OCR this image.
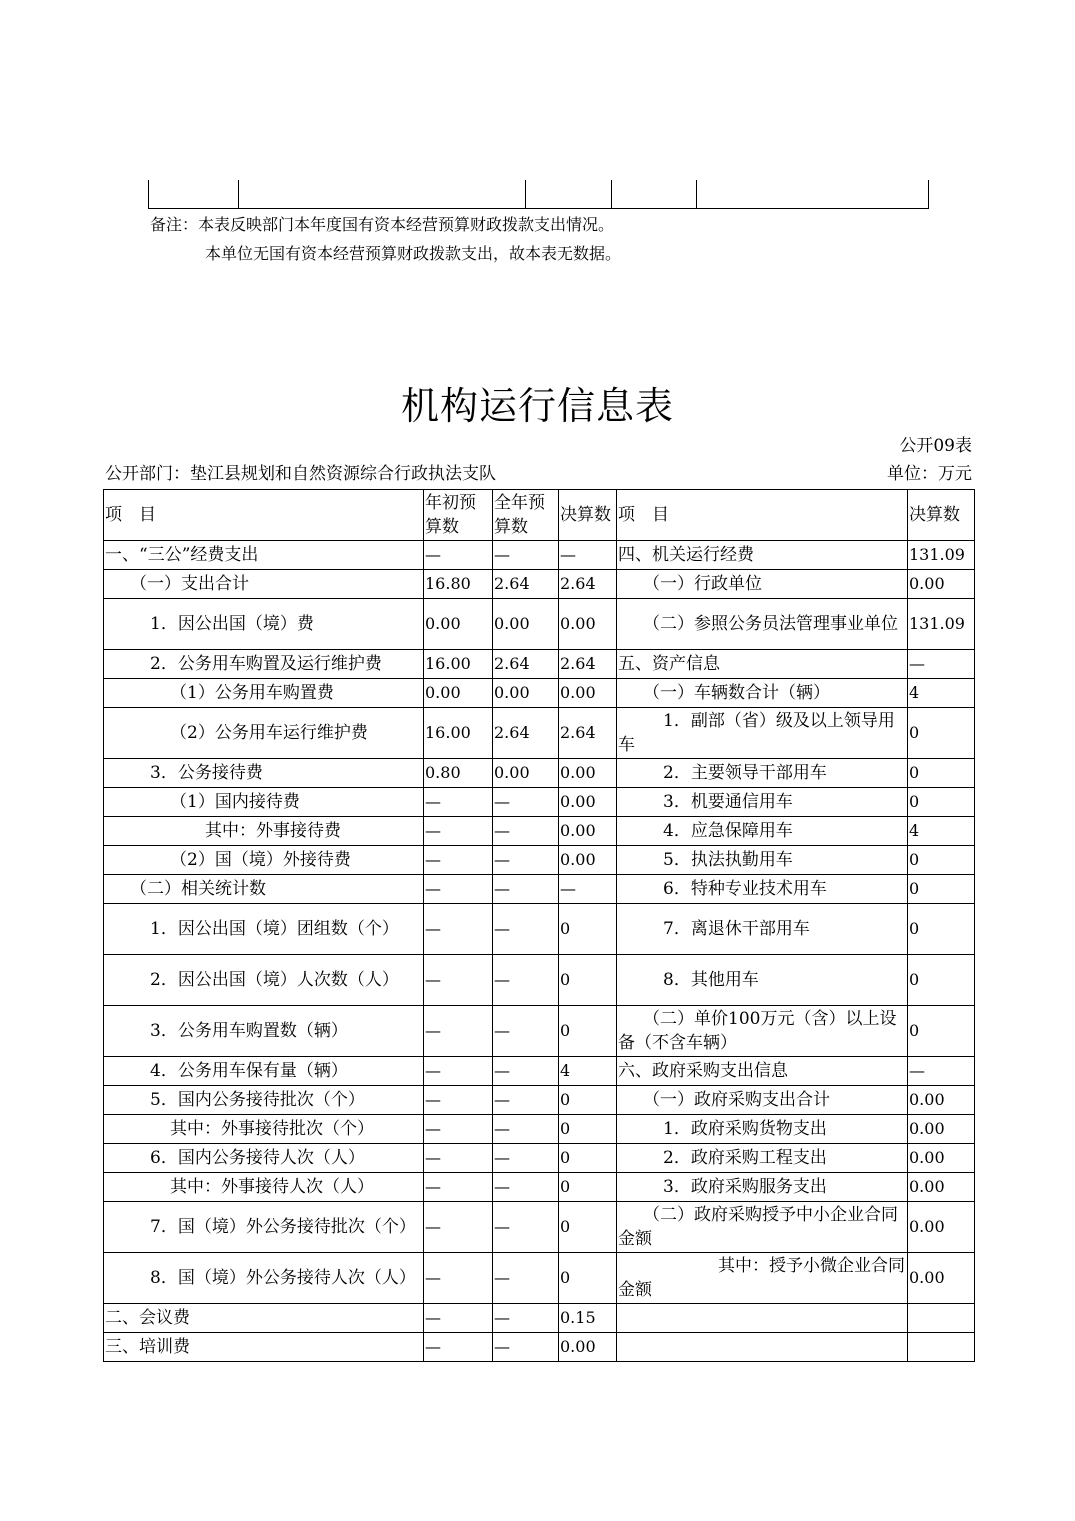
备注：本表反映部门本年度国有资本经营预算财政拨款支出情况。
本单位无国有资本经营预算财政拨款支出，故本表无数据。
机构运行信息表
公开09表
公开部门：垫江县规划和自然资源综合行政执法支队	单位：万元
项　目	年初预算数	全年预算数	决算数	项　目	决算数
一、“三公”经费支出	—	—	—	四、机关运行经费	131.09
（一）支出合计	16.80	2.64	2.64	（一）行政单位	0.00
1．因公出国（境）费	0.00	0.00	0.00	（二）参照公务员法管理事业单位	131.09
2．公务用车购置及运行维护费	16.00	2.64	2.64	五、资产信息	—
（1）公务用车购置费	0.00	0.00	0.00	（一）车辆数合计（辆）	4
（2）公务用车运行维护费	16.00	2.64	2.64	1．副部（省）级及以上领导用车	0
3．公务接待费	0.80	0.00	0.00	2．主要领导干部用车	0
（1）国内接待费	—	—	0.00	3．机要通信用车	0
其中：外事接待费	—	—	0.00	4．应急保障用车	4
（2）国（境）外接待费	—	—	0.00	5．执法执勤用车	0
（二）相关统计数	—	—	—	6．特种专业技术用车	0
1．因公出国（境）团组数（个）	—	—	0	7．离退休干部用车	0
2．因公出国（境）人次数（人）	—	—	0	8．其他用车	0
3．公务用车购置数（辆）	—	—	0	（二）单价100万元（含）以上设备（不含车辆）	0
4．公务用车保有量（辆）	—	—	4	六、政府采购支出信息	—
5．国内公务接待批次（个）	—	—	0	（一）政府采购支出合计	0.00
其中：外事接待批次（个）	—	—	0	1．政府采购货物支出	0.00
6．国内公务接待人次（人）	—	—	0	2．政府采购工程支出	0.00
其中：外事接待人次（人）	—	—	0	3．政府采购服务支出	0.00
7．国（境）外公务接待批次（个）	—	—	0	（二）政府采购授予中小企业合同金额	0.00
8．国（境）外公务接待人次（人）	—	—	0	其中：授予小微企业合同金额	0.00
二、会议费	—	—	0.15		
三、培训费	—	—	0.00		
